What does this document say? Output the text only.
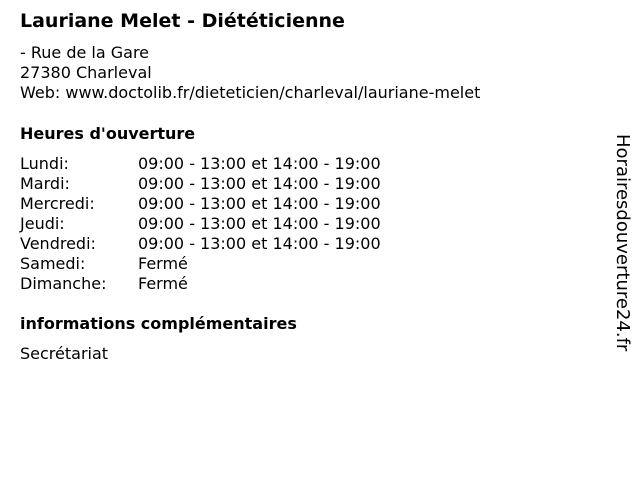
Lauriane Melet - Diététicienne
- Rue de la Gare
27380 Charleval
Web: www.doctolib.fr/dieteticien/charleval/lauriane-melet
Heures d'ouverture
Lundi:	09:00 - 13:00 et 14:00 - 19:00
Mardi:	09:00 - 13:00 et 14:00 - 19:00
Mercredi:	09:00 - 13:00 et 14:00 - 19:00
Jeudi:	09:00 - 13:00 et 14:00 - 19:00
Vendredi:	09:00 - 13:00 et 14:00 - 19:00
Samedi:	Fermé
Dimanche: Fermé
informations complémentaires
Secrétariat
Horairesdouverture24.fr
